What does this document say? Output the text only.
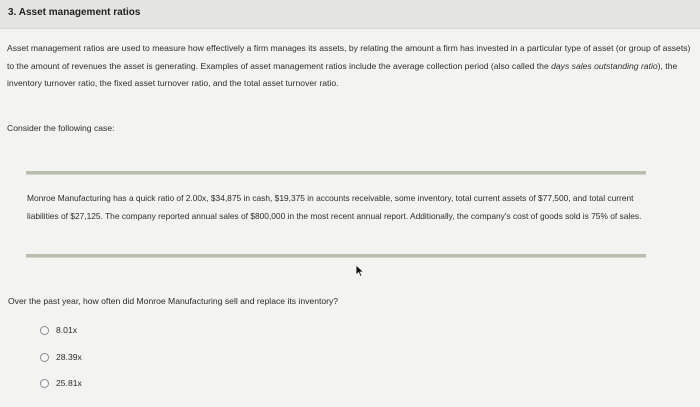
3. Asset management ratios

Asset management ratios are used to measure how effectively a firm manages its assets, by relating the amount a firm has invested in a particular type of asset (or group of assets) to the amount of revenues the asset is generating. Examples of asset management ratios include the average collection period (also called the days sales outstanding ratio), the inventory turnover ratio, the fixed asset turnover ratio, and the total asset turnover ratio.

Consider the following case:

Monroe Manufacturing has a quick ratio of 2.00x, $34,875 in cash, $19,375 in accounts receivable, some inventory, total current assets of $77,500, and total current liabilities of $27,125. The company reported annual sales of $800,000 in the most recent annual report. Additionally, the company's cost of goods sold is 75% of sales.

Over the past year, how often did Monroe Manufacturing sell and replace its inventory?

8.01x
28.39x
25.81x
